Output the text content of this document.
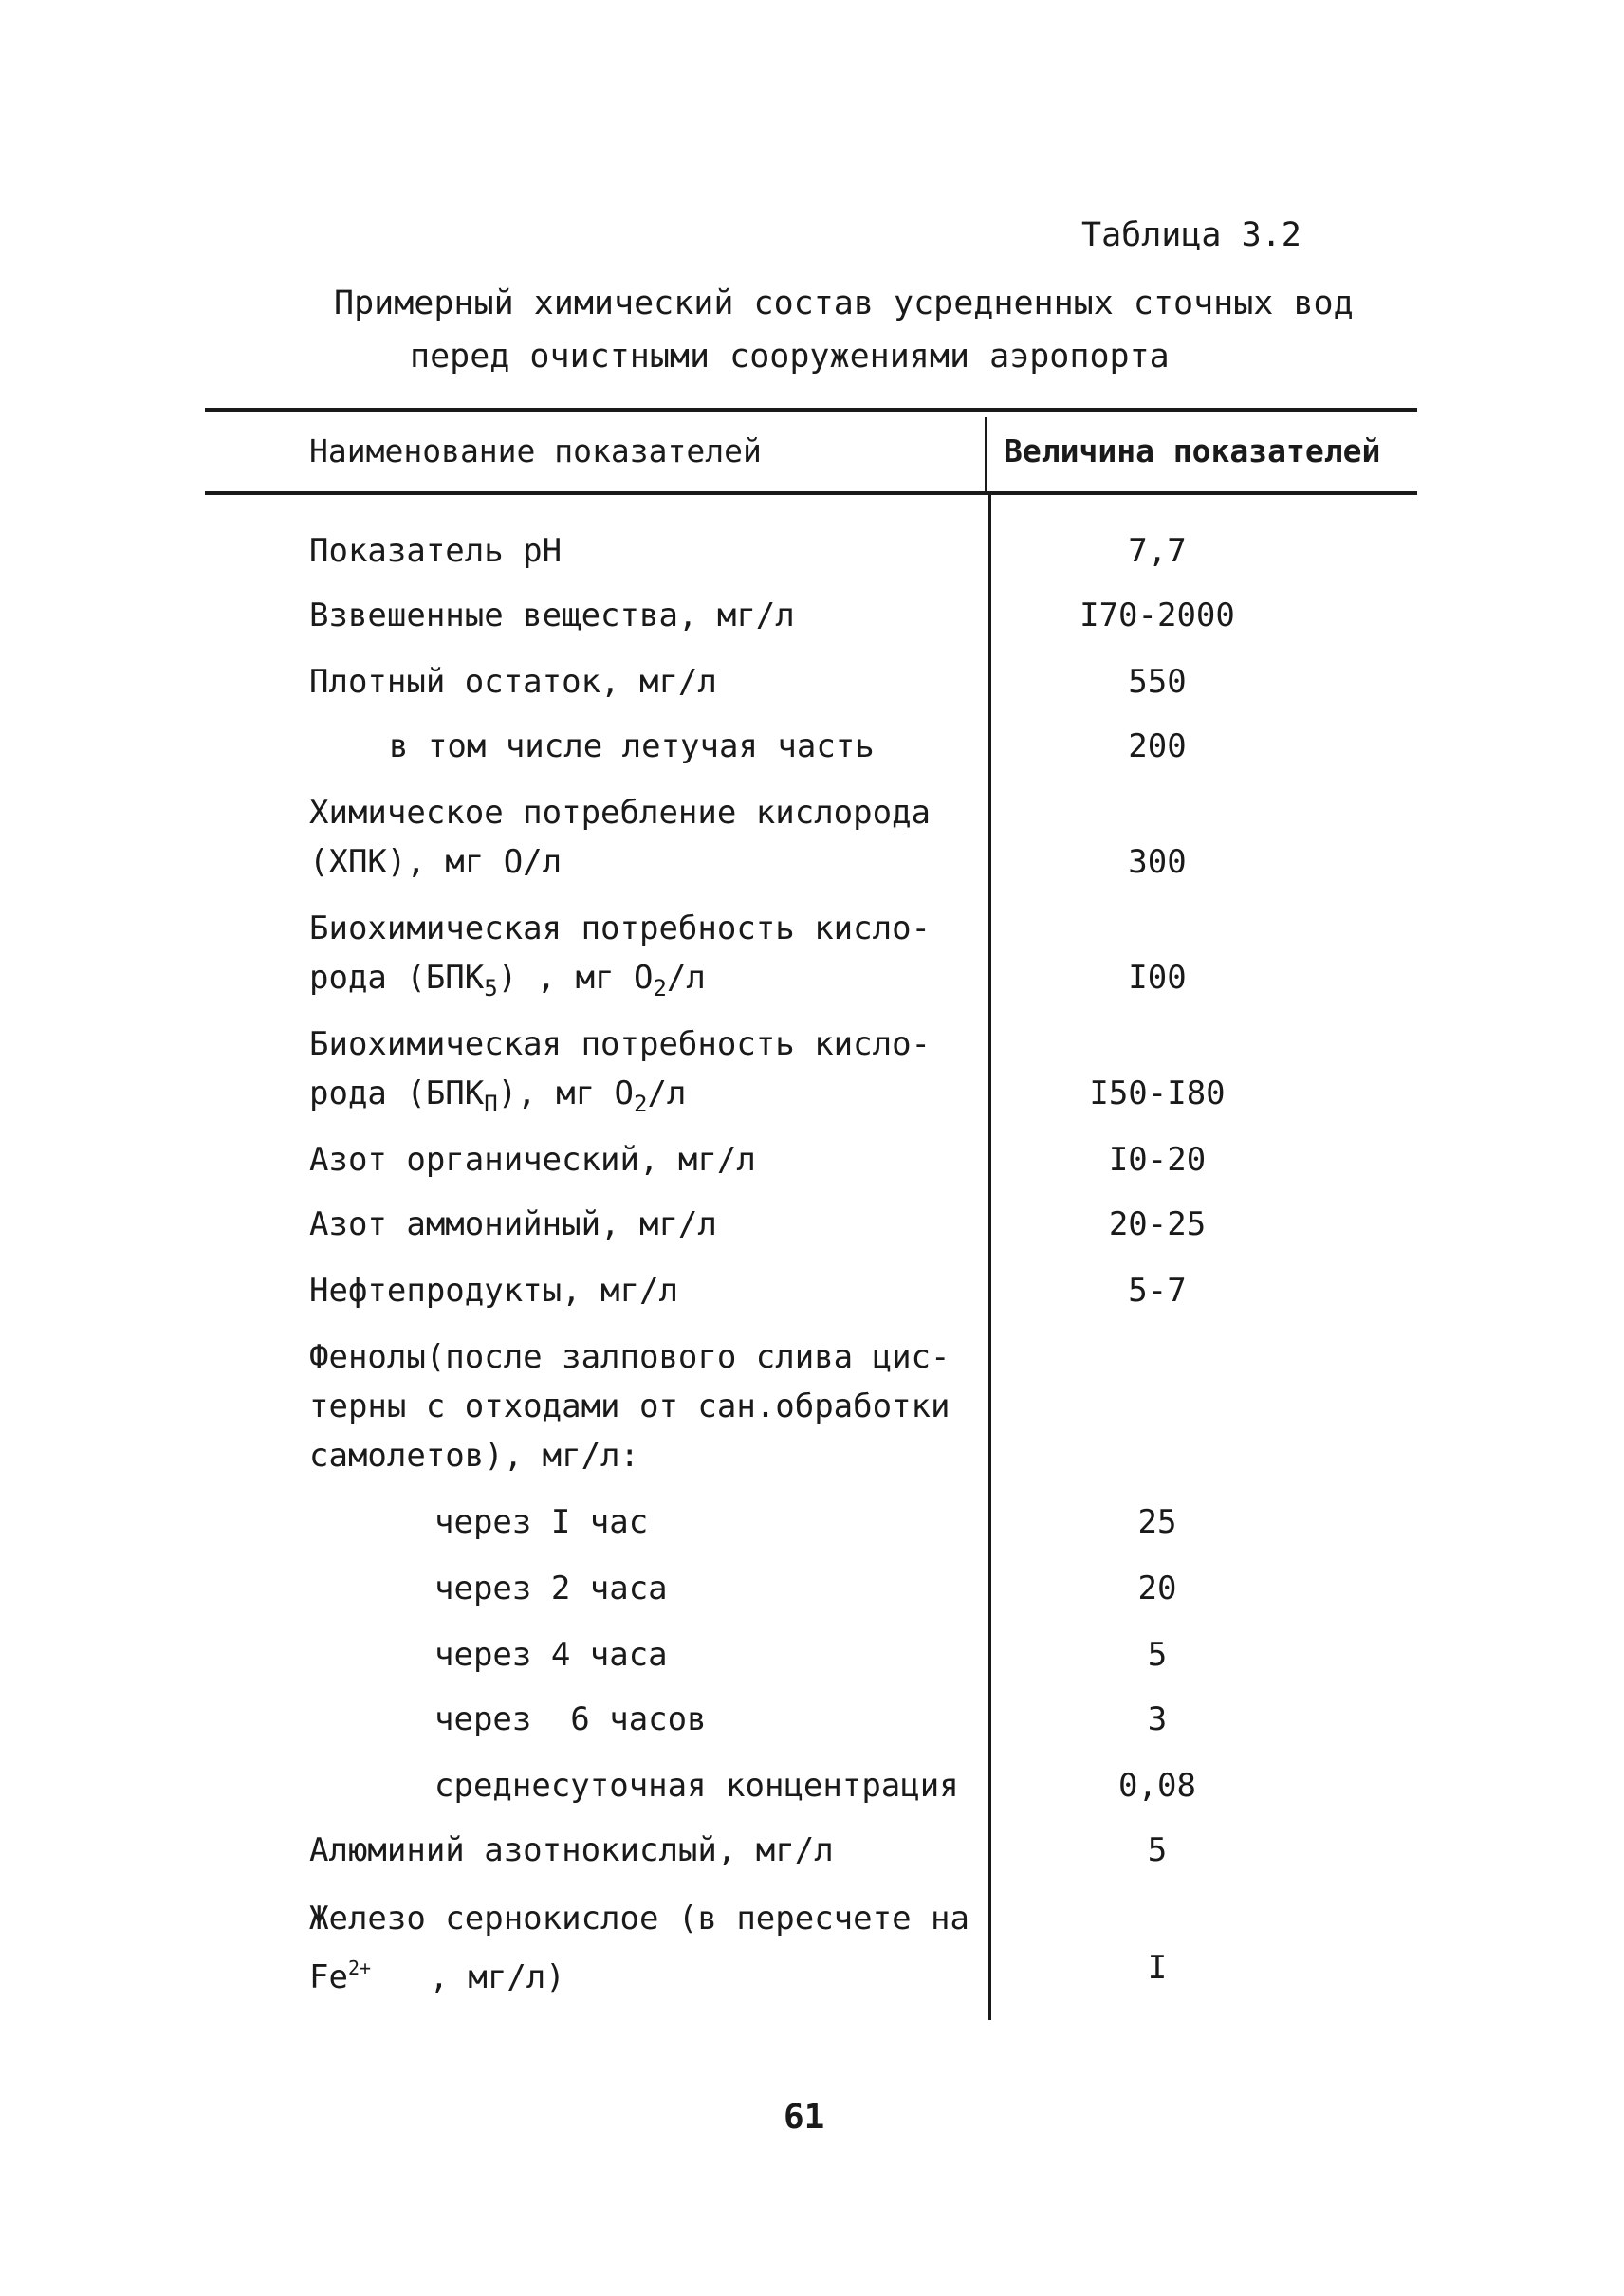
Таблица 3.2
Примерный химический состав усредненных сточных вод
перед очистными сооружениями аэропорта
Наименование показателей	Величина показателей
Показатель pH	7,7
Взвешенные вещества, мг/л	I70-2000
Плотный остаток, мг/л	550
в том числе летучая часть	200
Химическое потребление кислорода
(ХПК), мг О/л	300
Биохимическая потребность кисло-
рода $(БПК_5)$ , мг $О_2/л$	I00
Биохимическая потребность кисло-
рода $(БПК_П)$, мг $О_2/л$	I50-I80
Азот органический, мг/л	I0-20
Азот аммонийный, мг/л	20-25
Нефтепродукты, мг/л	5-7
Фенолы(после залпового слива цис-
терны с отходами от сан.обработки
самолетов), мг/л:
через I час	25
через 2 часа	20
через 4 часа	5
через  6 часов	3
среднесуточная концентрация	0,08
Алюминий азотнокислый, мг/л	5
Железо сернокислое (в пересчете на
$Fe^{2+}$   , мг/л)	I
61
